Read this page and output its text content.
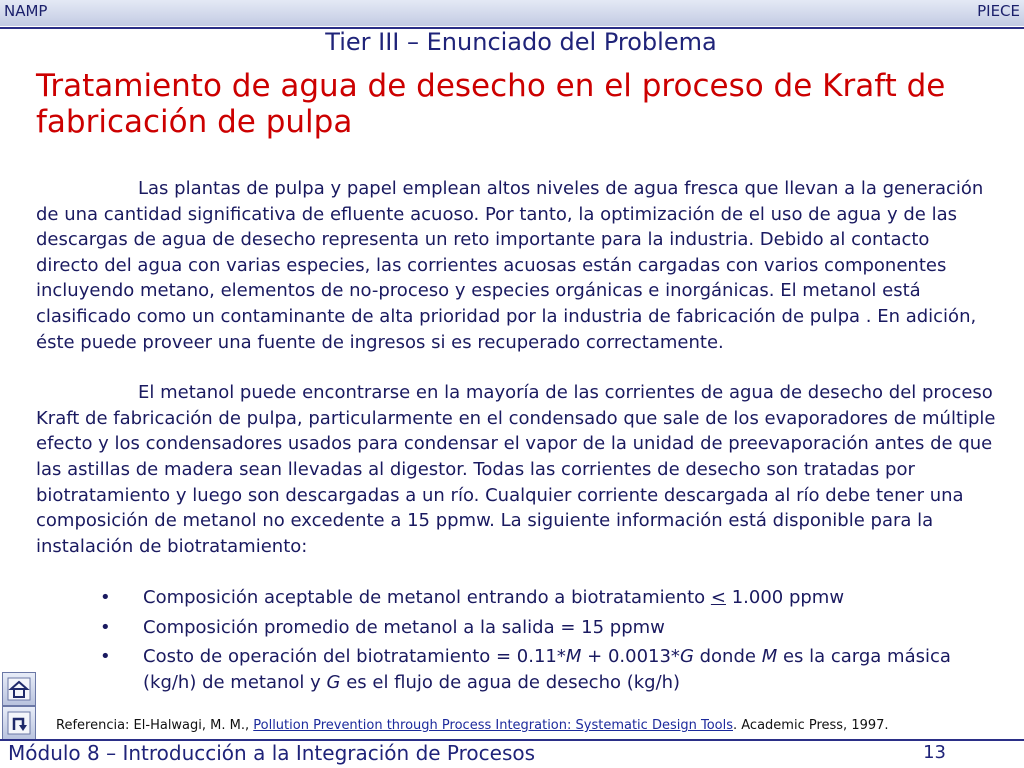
NAMP	PIECE
Tier III – Enunciado del Problema
Tratamiento de agua de desecho en el proceso de Kraft de fabricación de pulpa

Las plantas de pulpa y papel emplean altos niveles de agua fresca que llevan a la generación de una cantidad significativa de efluente acuoso. Por tanto, la optimización de el uso de agua y de las descargas de agua de desecho representa un reto importante para la industria. Debido al contacto directo del agua con varias especies, las corrientes acuosas están cargadas con varios componentes incluyendo metano, elementos de no-proceso y especies orgánicas e inorgánicas. El metanol está clasificado como un contaminante de alta prioridad por la industria de fabricación de pulpa . En adición, éste puede proveer una fuente de ingresos si es recuperado correctamente.

El metanol puede encontrarse en la mayoría de las corrientes de agua de desecho del proceso Kraft de fabricación de pulpa, particularmente en el condensado que sale de los evaporadores de múltiple efecto y los condensadores usados para condensar el vapor de la unidad de preevaporación antes de que las astillas de madera sean llevadas al digestor. Todas las corrientes de desecho son tratadas por biotratamiento y luego son descargadas a un río. Cualquier corriente descargada al río debe tener una composición de metanol no excedente a 15 ppmw. La siguiente información está disponible para la instalación de biotratamiento:

• Composición aceptable de metanol entrando a biotratamiento ≤ 1.000 ppmw
• Composición promedio de metanol a la salida = 15 ppmw
• Costo de operación del biotratamiento = 0.11*M + 0.0013*G donde M es la carga másica (kg/h) de metanol y G es el flujo de agua de desecho (kg/h)
Referencia: El-Halwagi, M. M., Pollution Prevention through Process Integration: Systematic Design Tools. Academic Press, 1997.
Módulo 8 – Introducción a la Integración de Procesos	13
